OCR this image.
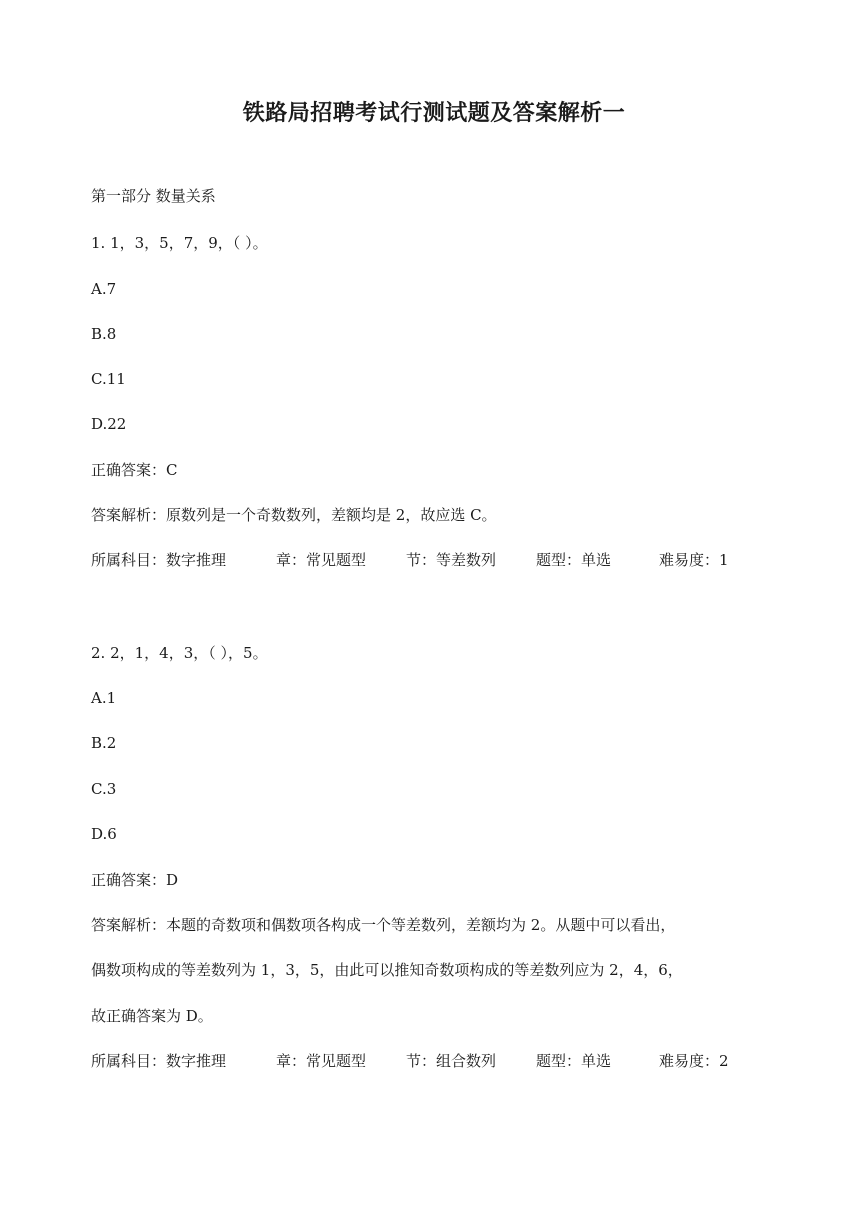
铁路局招聘考试行测试题及答案解析一
第一部分 数量关系
1. 1，3，5，7，9，（ ）。
A.7
B.8
C.11
D.22
正确答案：C
答案解析：原数列是一个奇数数列，差额均是 2，故应选 C。
所属科目：数字推理	章：常见题型	节：等差数列	题型：单选	难易度：1
2. 2，1，4，3，（ ），5。
A.1
B.2
C.3
D.6
正确答案：D
答案解析：本题的奇数项和偶数项各构成一个等差数列，差额均为 2。从题中可以看出，
偶数项构成的等差数列为 1，3，5，由此可以推知奇数项构成的等差数列应为 2，4，6，
故正确答案为 D。
所属科目：数字推理	章：常见题型	节：组合数列	题型：单选	难易度：2
